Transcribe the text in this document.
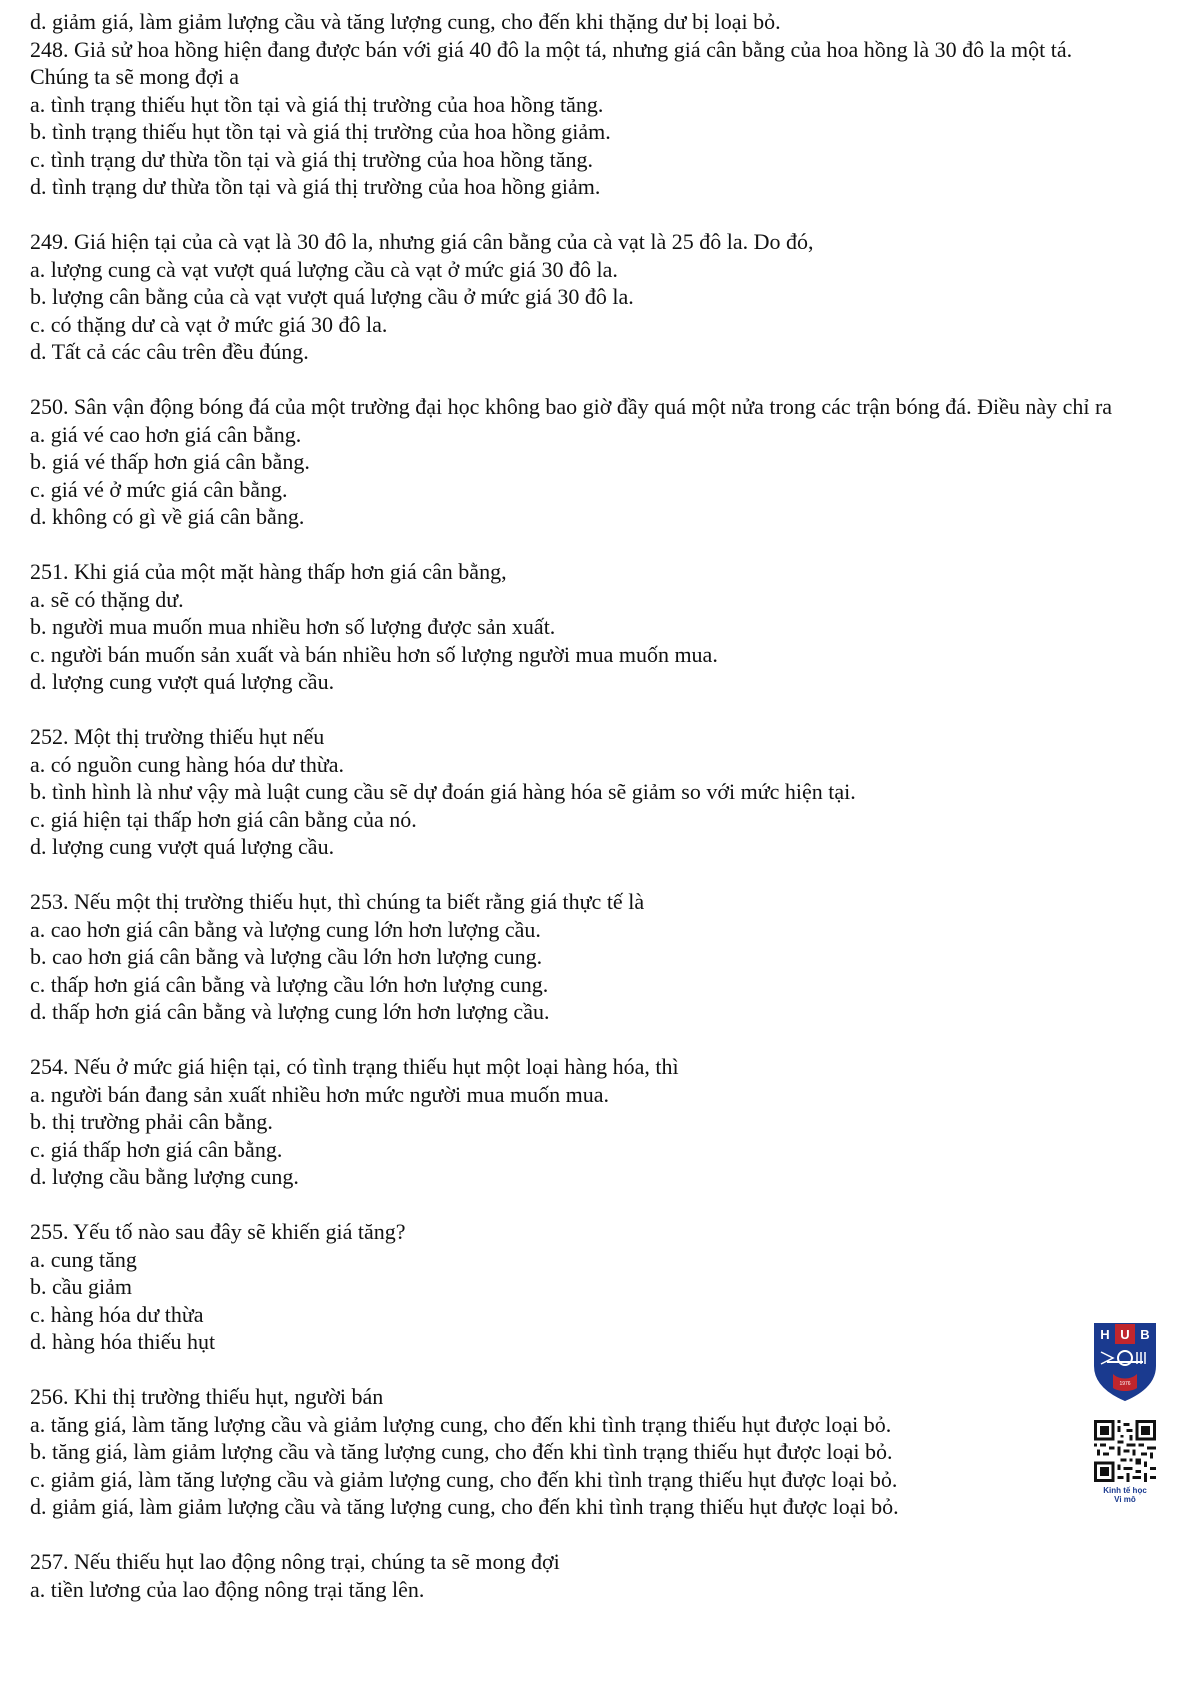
d. giảm giá, làm giảm lượng cầu và tăng lượng cung, cho đến khi thặng dư bị loại bỏ.

248. Giả sử hoa hồng hiện đang được bán với giá 40 đô la một tá, nhưng giá cân bằng của hoa hồng là 30 đô la một tá. Chúng ta sẽ mong đợi a

a. tình trạng thiếu hụt tồn tại và giá thị trường của hoa hồng tăng.

b. tình trạng thiếu hụt tồn tại và giá thị trường của hoa hồng giảm.

c. tình trạng dư thừa tồn tại và giá thị trường của hoa hồng tăng.

d. tình trạng dư thừa tồn tại và giá thị trường của hoa hồng giảm.

249. Giá hiện tại của cà vạt là 30 đô la, nhưng giá cân bằng của cà vạt là 25 đô la. Do đó,

a. lượng cung cà vạt vượt quá lượng cầu cà vạt ở mức giá 30 đô la.

b. lượng cân bằng của cà vạt vượt quá lượng cầu ở mức giá 30 đô la.

c. có thặng dư cà vạt ở mức giá 30 đô la.

d. Tất cả các câu trên đều đúng.

250. Sân vận động bóng đá của một trường đại học không bao giờ đầy quá một nửa trong các trận bóng đá. Điều này chỉ ra

a. giá vé cao hơn giá cân bằng.

b. giá vé thấp hơn giá cân bằng.

c. giá vé ở mức giá cân bằng.

d. không có gì về giá cân bằng.

251. Khi giá của một mặt hàng thấp hơn giá cân bằng,

a. sẽ có thặng dư.

b. người mua muốn mua nhiều hơn số lượng được sản xuất.

c. người bán muốn sản xuất và bán nhiều hơn số lượng người mua muốn mua.

d. lượng cung vượt quá lượng cầu.

252. Một thị trường thiếu hụt nếu

a. có nguồn cung hàng hóa dư thừa.

b. tình hình là như vậy mà luật cung cầu sẽ dự đoán giá hàng hóa sẽ giảm so với mức hiện tại.

c. giá hiện tại thấp hơn giá cân bằng của nó.

d. lượng cung vượt quá lượng cầu.

253. Nếu một thị trường thiếu hụt, thì chúng ta biết rằng giá thực tế là

a. cao hơn giá cân bằng và lượng cung lớn hơn lượng cầu.

b. cao hơn giá cân bằng và lượng cầu lớn hơn lượng cung.

c. thấp hơn giá cân bằng và lượng cầu lớn hơn lượng cung.

d. thấp hơn giá cân bằng và lượng cung lớn hơn lượng cầu.

254. Nếu ở mức giá hiện tại, có tình trạng thiếu hụt một loại hàng hóa, thì

a. người bán đang sản xuất nhiều hơn mức người mua muốn mua.

b. thị trường phải cân bằng.

c. giá thấp hơn giá cân bằng.

d. lượng cầu bằng lượng cung.

255. Yếu tố nào sau đây sẽ khiến giá tăng?

a. cung tăng

b. cầu giảm

c. hàng hóa dư thừa

d. hàng hóa thiếu hụt

256. Khi thị trường thiếu hụt, người bán

a. tăng giá, làm tăng lượng cầu và giảm lượng cung, cho đến khi tình trạng thiếu hụt được loại bỏ.

b. tăng giá, làm giảm lượng cầu và tăng lượng cung, cho đến khi tình trạng thiếu hụt được loại bỏ.

c. giảm giá, làm tăng lượng cầu và giảm lượng cung, cho đến khi tình trạng thiếu hụt được loại bỏ.

d. giảm giá, làm giảm lượng cầu và tăng lượng cung, cho đến khi tình trạng thiếu hụt được loại bỏ.

257. Nếu thiếu hụt lao động nông trại, chúng ta sẽ mong đợi

a. tiền lương của lao động nông trại tăng lên.

H U B
1976
Kinh tế học
Vi mô
